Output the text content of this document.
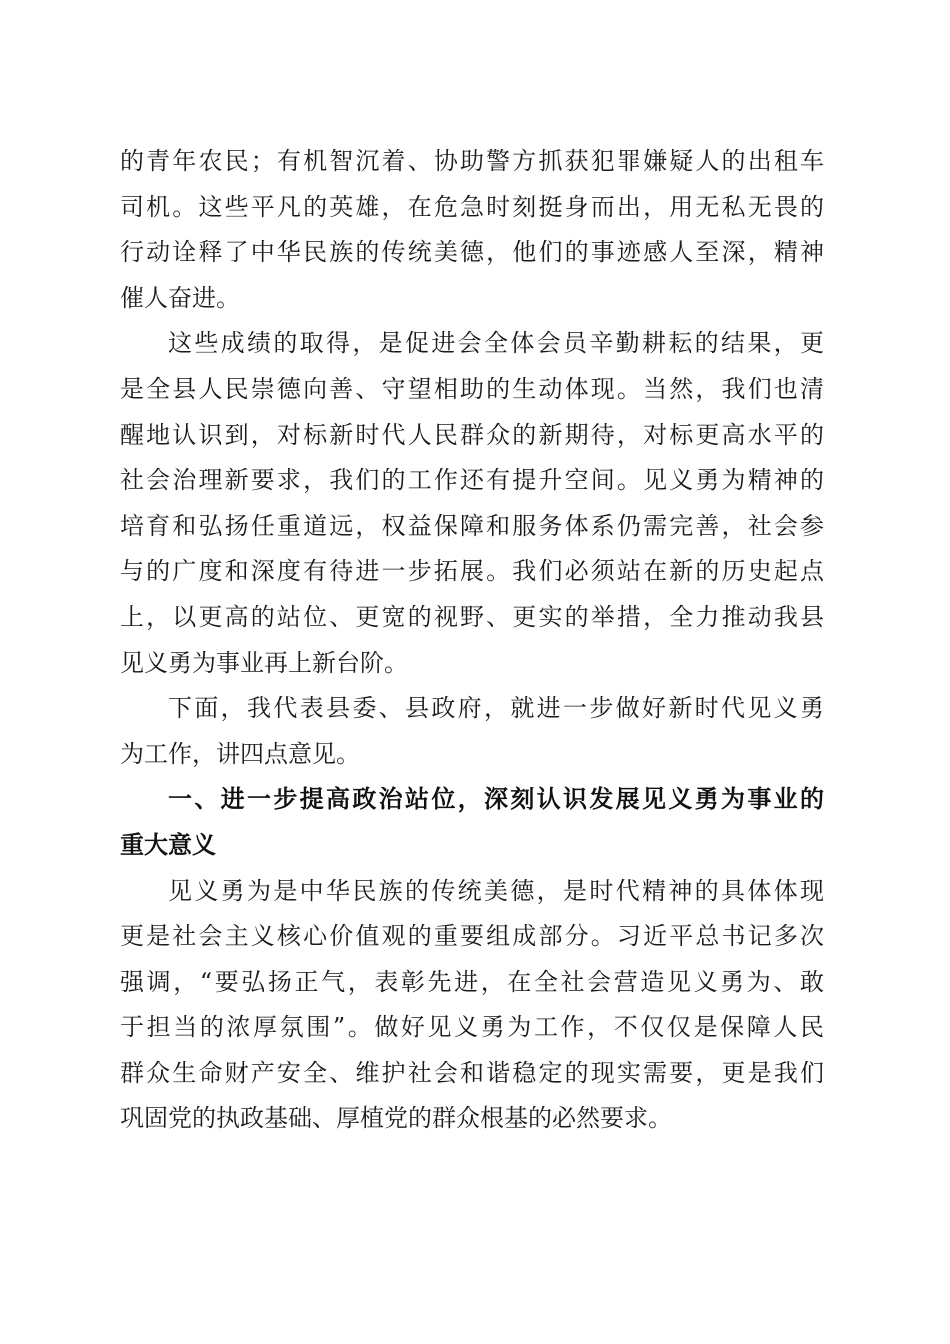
的青年农民；有机智沉着、协助警方抓获犯罪嫌疑人的出租车
司机。这些平凡的英雄，在危急时刻挺身而出，用无私无畏的
行动诠释了中华民族的传统美德，他们的事迹感人至深，精神
催人奋进。
这些成绩的取得，是促进会全体会员辛勤耕耘的结果，更
是全县人民崇德向善、守望相助的生动体现。当然，我们也清
醒地认识到，对标新时代人民群众的新期待，对标更高水平的
社会治理新要求，我们的工作还有提升空间。见义勇为精神的
培育和弘扬任重道远，权益保障和服务体系仍需完善，社会参
与的广度和深度有待进一步拓展。我们必须站在新的历史起点
上，以更高的站位、更宽的视野、更实的举措，全力推动我县
见义勇为事业再上新台阶。
下面，我代表县委、县政府，就进一步做好新时代见义勇
为工作，讲四点意见。
一、进一步提高政治站位，深刻认识发展见义勇为事业的
重大意义
见义勇为是中华民族的传统美德，是时代精神的具体体现
更是社会主义核心价值观的重要组成部分。习近平总书记多次
强调，“要弘扬正气，表彰先进，在全社会营造见义勇为、敢
于担当的浓厚氛围”。做好见义勇为工作，不仅仅是保障人民
群众生命财产安全、维护社会和谐稳定的现实需要，更是我们
巩固党的执政基础、厚植党的群众根基的必然要求。
